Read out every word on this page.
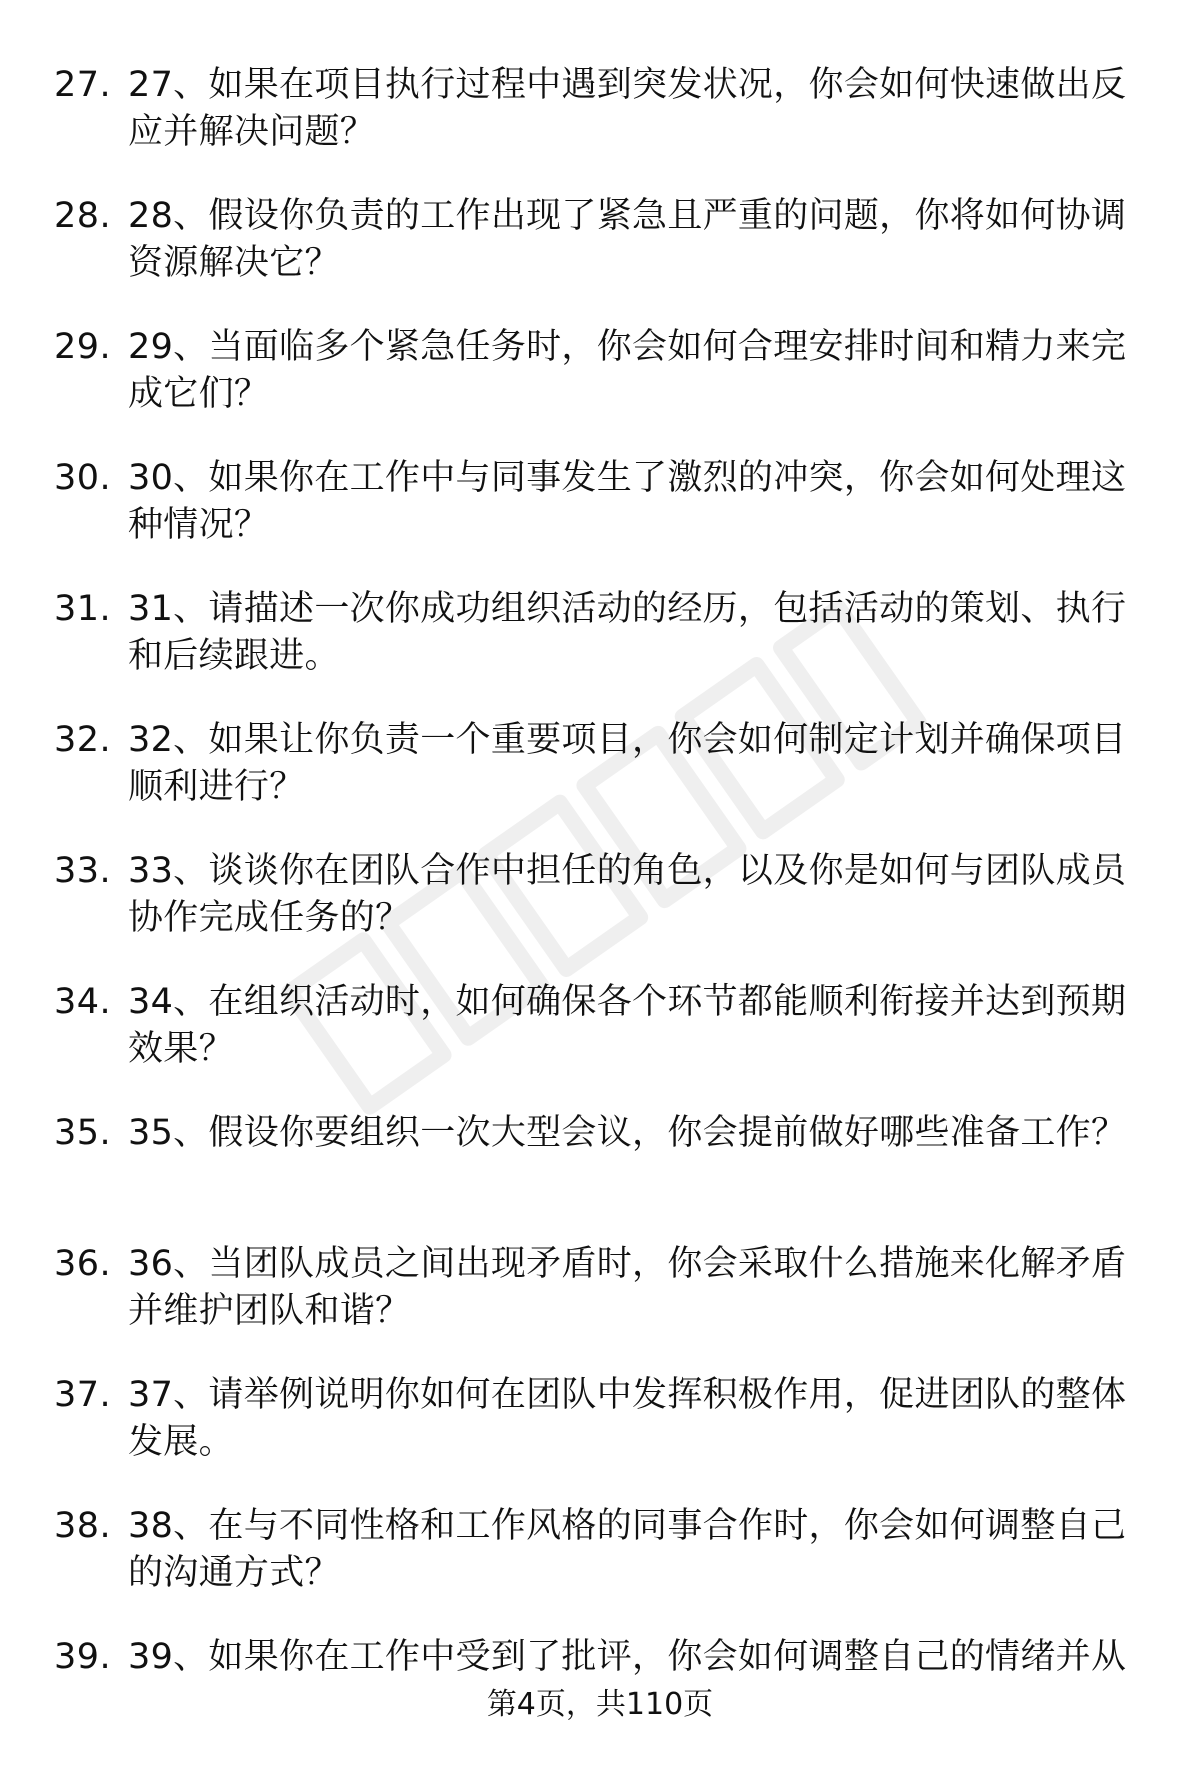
27. 27、如果在项目执行过程中遇到突发状况，你会如何快速做出反应并解决问题？
28. 28、假设你负责的工作出现了紧急且严重的问题，你将如何协调资源解决它？
29. 29、当面临多个紧急任务时，你会如何合理安排时间和精力来完成它们？
30. 30、如果你在工作中与同事发生了激烈的冲突，你会如何处理这种情况？
31. 31、请描述一次你成功组织活动的经历，包括活动的策划、执行和后续跟进。
32. 32、如果让你负责一个重要项目，你会如何制定计划并确保项目顺利进行？
33. 33、谈谈你在团队合作中担任的角色，以及你是如何与团队成员协作完成任务的？
34. 34、在组织活动时，如何确保各个环节都能顺利衔接并达到预期效果？
35. 35、假设你要组织一次大型会议，你会提前做好哪些准备工作？
36. 36、当团队成员之间出现矛盾时，你会采取什么措施来化解矛盾并维护团队和谐？
37. 37、请举例说明你如何在团队中发挥积极作用，促进团队的整体发展。
38. 38、在与不同性格和工作风格的同事合作时，你会如何调整自己的沟通方式？
39. 39、如果你在工作中受到了批评，你会如何调整自己的情绪并从
第4页，共110页
